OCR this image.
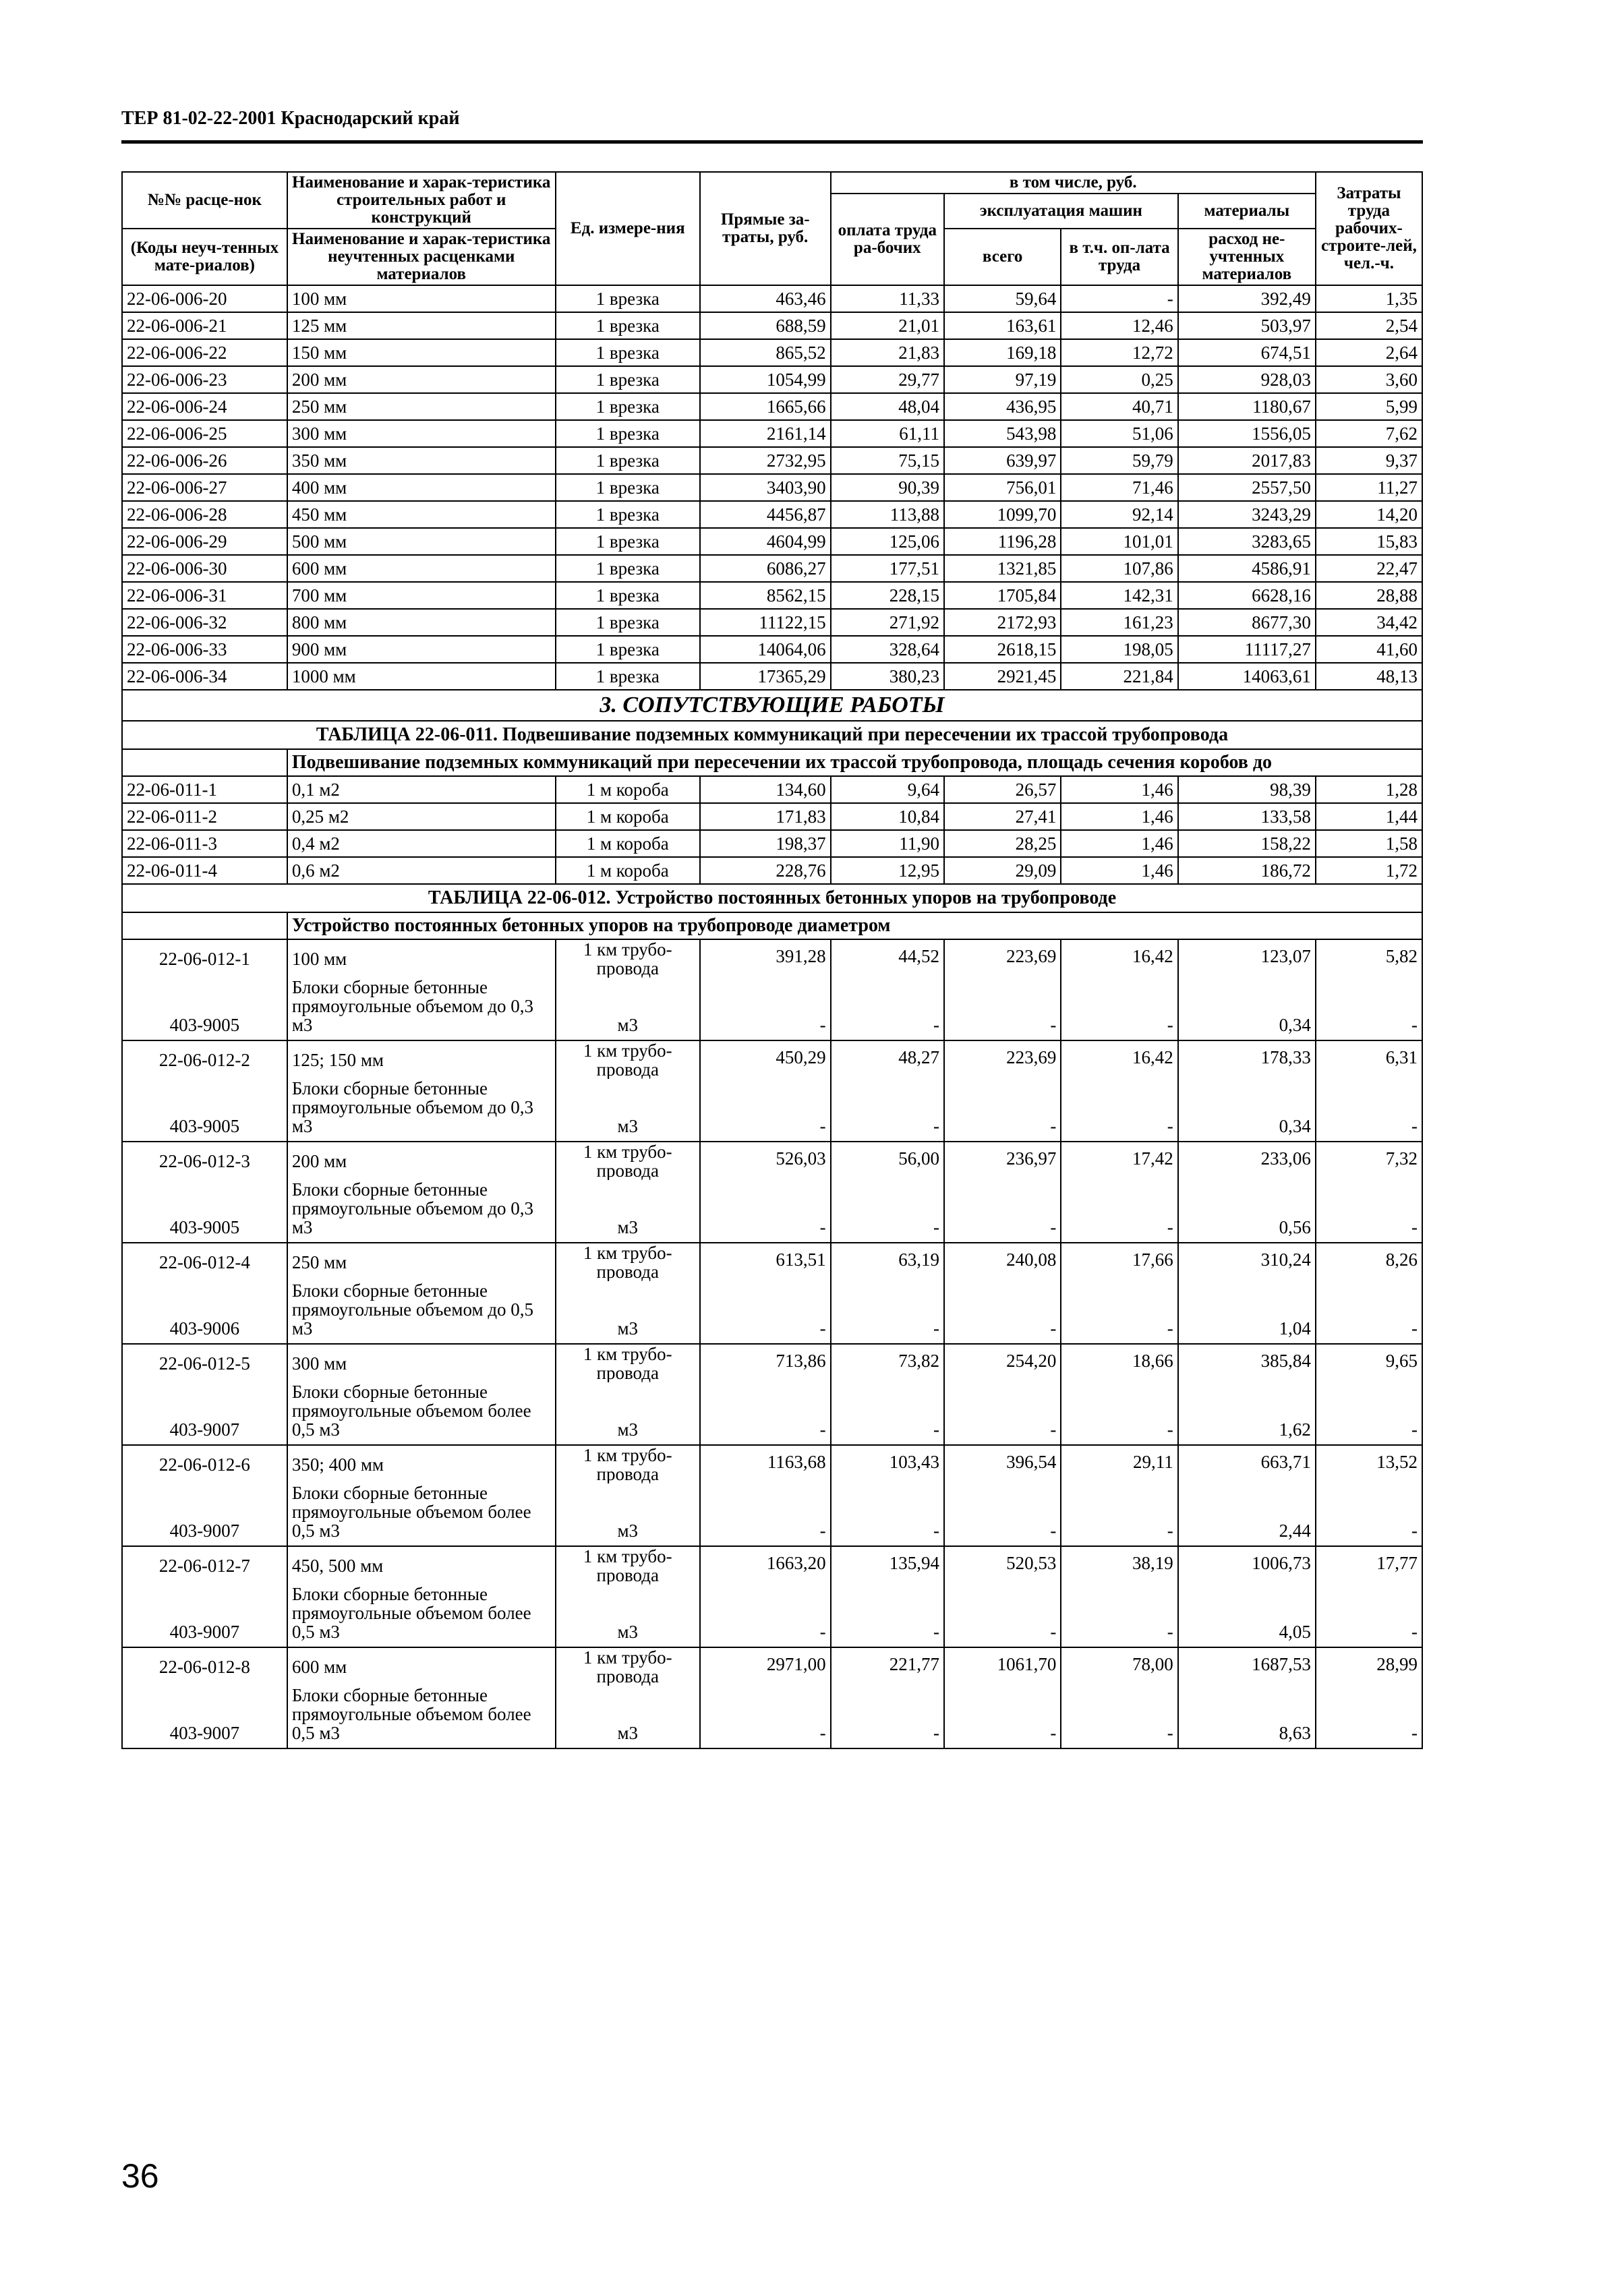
ТЕР 81-02-22-2001 Краснодарский край
№№ расце-нок	Наименование и харак-теристика строительных работ и конструкций	Ед. измере-ния	Прямые за-траты, руб.	в том числе, руб.				Затраты труда рабочих-строите-лей, чел.-ч.
				оплата труда ра-бочих	эксплуатация машин		материалы	
(Коды неуч-тенных мате-риалов)	Наименование и харак-теристика неучтенных расценками материалов				всего	в т.ч. оп-лата труда	расход не-учтенных материалов	

22-06-006-20	100 мм	1 врезка	463,46	11,33	59,64	-	392,49	1,35
22-06-006-21	125 мм	1 врезка	688,59	21,01	163,61	12,46	503,97	2,54
22-06-006-22	150 мм	1 врезка	865,52	21,83	169,18	12,72	674,51	2,64
22-06-006-23	200 мм	1 врезка	1054,99	29,77	97,19	0,25	928,03	3,60
22-06-006-24	250 мм	1 врезка	1665,66	48,04	436,95	40,71	1180,67	5,99
22-06-006-25	300 мм	1 врезка	2161,14	61,11	543,98	51,06	1556,05	7,62
22-06-006-26	350 мм	1 врезка	2732,95	75,15	639,97	59,79	2017,83	9,37
22-06-006-27	400 мм	1 врезка	3403,90	90,39	756,01	71,46	2557,50	11,27
22-06-006-28	450 мм	1 врезка	4456,87	113,88	1099,70	92,14	3243,29	14,20
22-06-006-29	500 мм	1 врезка	4604,99	125,06	1196,28	101,01	3283,65	15,83
22-06-006-30	600 мм	1 врезка	6086,27	177,51	1321,85	107,86	4586,91	22,47
22-06-006-31	700 мм	1 врезка	8562,15	228,15	1705,84	142,31	6628,16	28,88
22-06-006-32	800 мм	1 врезка	11122,15	271,92	2172,93	161,23	8677,30	34,42
22-06-006-33	900 мм	1 врезка	14064,06	328,64	2618,15	198,05	11117,27	41,60
22-06-006-34	1000 мм	1 врезка	17365,29	380,23	2921,45	221,84	14063,61	48,13
3. СОПУТСТВУЮЩИЕ РАБОТЫ								
ТАБЛИЦА 22-06-011. Подвешивание подземных коммуникаций при пересечении их трассой трубопровода								
	Подвешивание подземных коммуникаций при пересечении их трассой трубопровода, площадь сечения коробов до							
22-06-011-1	0,1 м2	1 м короба	134,60	9,64	26,57	1,46	98,39	1,28
22-06-011-2	0,25 м2	1 м короба	171,83	10,84	27,41	1,46	133,58	1,44
22-06-011-3	0,4 м2	1 м короба	198,37	11,90	28,25	1,46	158,22	1,58
22-06-011-4	0,6 м2	1 м короба	228,76	12,95	29,09	1,46	186,72	1,72
ТАБЛИЦА 22-06-012. Устройство постоянных бетонных упоров на трубопроводе								
	Устройство постоянных бетонных упоров на трубопроводе диаметром							
22-06-012-1	100 мм	1 км трубо-провода	391,28	44,52	223,69	16,42	123,07	5,82
403-9005	Блоки сборные бетонные прямоугольные объемом до 0,3 м3	м3	-	-	-	-	0,34	-
22-06-012-2	125; 150 мм	1 км трубо-провода	450,29	48,27	223,69	16,42	178,33	6,31
403-9005	Блоки сборные бетонные прямоугольные объемом до 0,3 м3	м3	-	-	-	-	0,34	-
22-06-012-3	200 мм	1 км трубо-провода	526,03	56,00	236,97	17,42	233,06	7,32
403-9005	Блоки сборные бетонные прямоугольные объемом до 0,3 м3	м3	-	-	-	-	0,56	-
22-06-012-4	250 мм	1 км трубо-провода	613,51	63,19	240,08	17,66	310,24	8,26
403-9006	Блоки сборные бетонные прямоугольные объемом до 0,5 м3	м3	-	-	-	-	1,04	-
22-06-012-5	300 мм	1 км трубо-провода	713,86	73,82	254,20	18,66	385,84	9,65
403-9007	Блоки сборные бетонные прямоугольные объемом более 0,5 м3	м3	-	-	-	-	1,62	-
22-06-012-6	350; 400 мм	1 км трубо-провода	1163,68	103,43	396,54	29,11	663,71	13,52
403-9007	Блоки сборные бетонные прямоугольные объемом более 0,5 м3	м3	-	-	-	-	2,44	-
22-06-012-7	450, 500 мм	1 км трубо-провода	1663,20	135,94	520,53	38,19	1006,73	17,77
403-9007	Блоки сборные бетонные прямоугольные объемом более 0,5 м3	м3	-	-	-	-	4,05	-
22-06-012-8	600 мм	1 км трубо-провода	2971,00	221,77	1061,70	78,00	1687,53	28,99
403-9007	Блоки сборные бетонные прямоугольные объемом более 0,5 м3	м3	-	-	-	-	8,63	-
36
